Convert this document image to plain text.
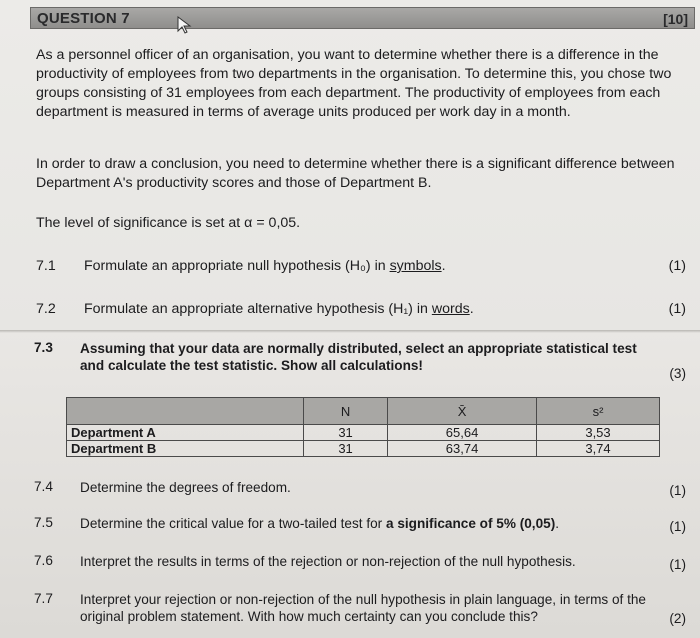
QUESTION 7	[10]
As a personnel officer of an organisation, you want to determine whether there is a difference in the productivity of employees from two departments in the organisation. To determine this, you chose two groups consisting of 31 employees from each department. The productivity of employees from each department is measured in terms of average units produced per work day in a month.
In order to draw a conclusion, you need to determine whether there is a significant difference between Department A's productivity scores and those of Department B.
The level of significance is set at α = 0,05.
7.1 Formulate an appropriate null hypothesis (H₀) in symbols.	(1)
7.2 Formulate an appropriate alternative hypothesis (H₁) in words.	(1)
7.3 Assuming that your data are normally distributed, select an appropriate statistical test and calculate the test statistic. Show all calculations!
(3)
	N	X̄	s²
Department A	31	65,64	3,53
Department B	31	63,74	3,74
7.4 Determine the degrees of freedom.	(1)
7.5 Determine the critical value for a two-tailed test for a significance of 5% (0,05).	(1)
7.6 Interpret the results in terms of the rejection or non-rejection of the null hypothesis.	(1)
7.7 Interpret your rejection or non-rejection of the null hypothesis in plain language, in terms of the original problem statement. With how much certainty can you conclude this?	(2)
